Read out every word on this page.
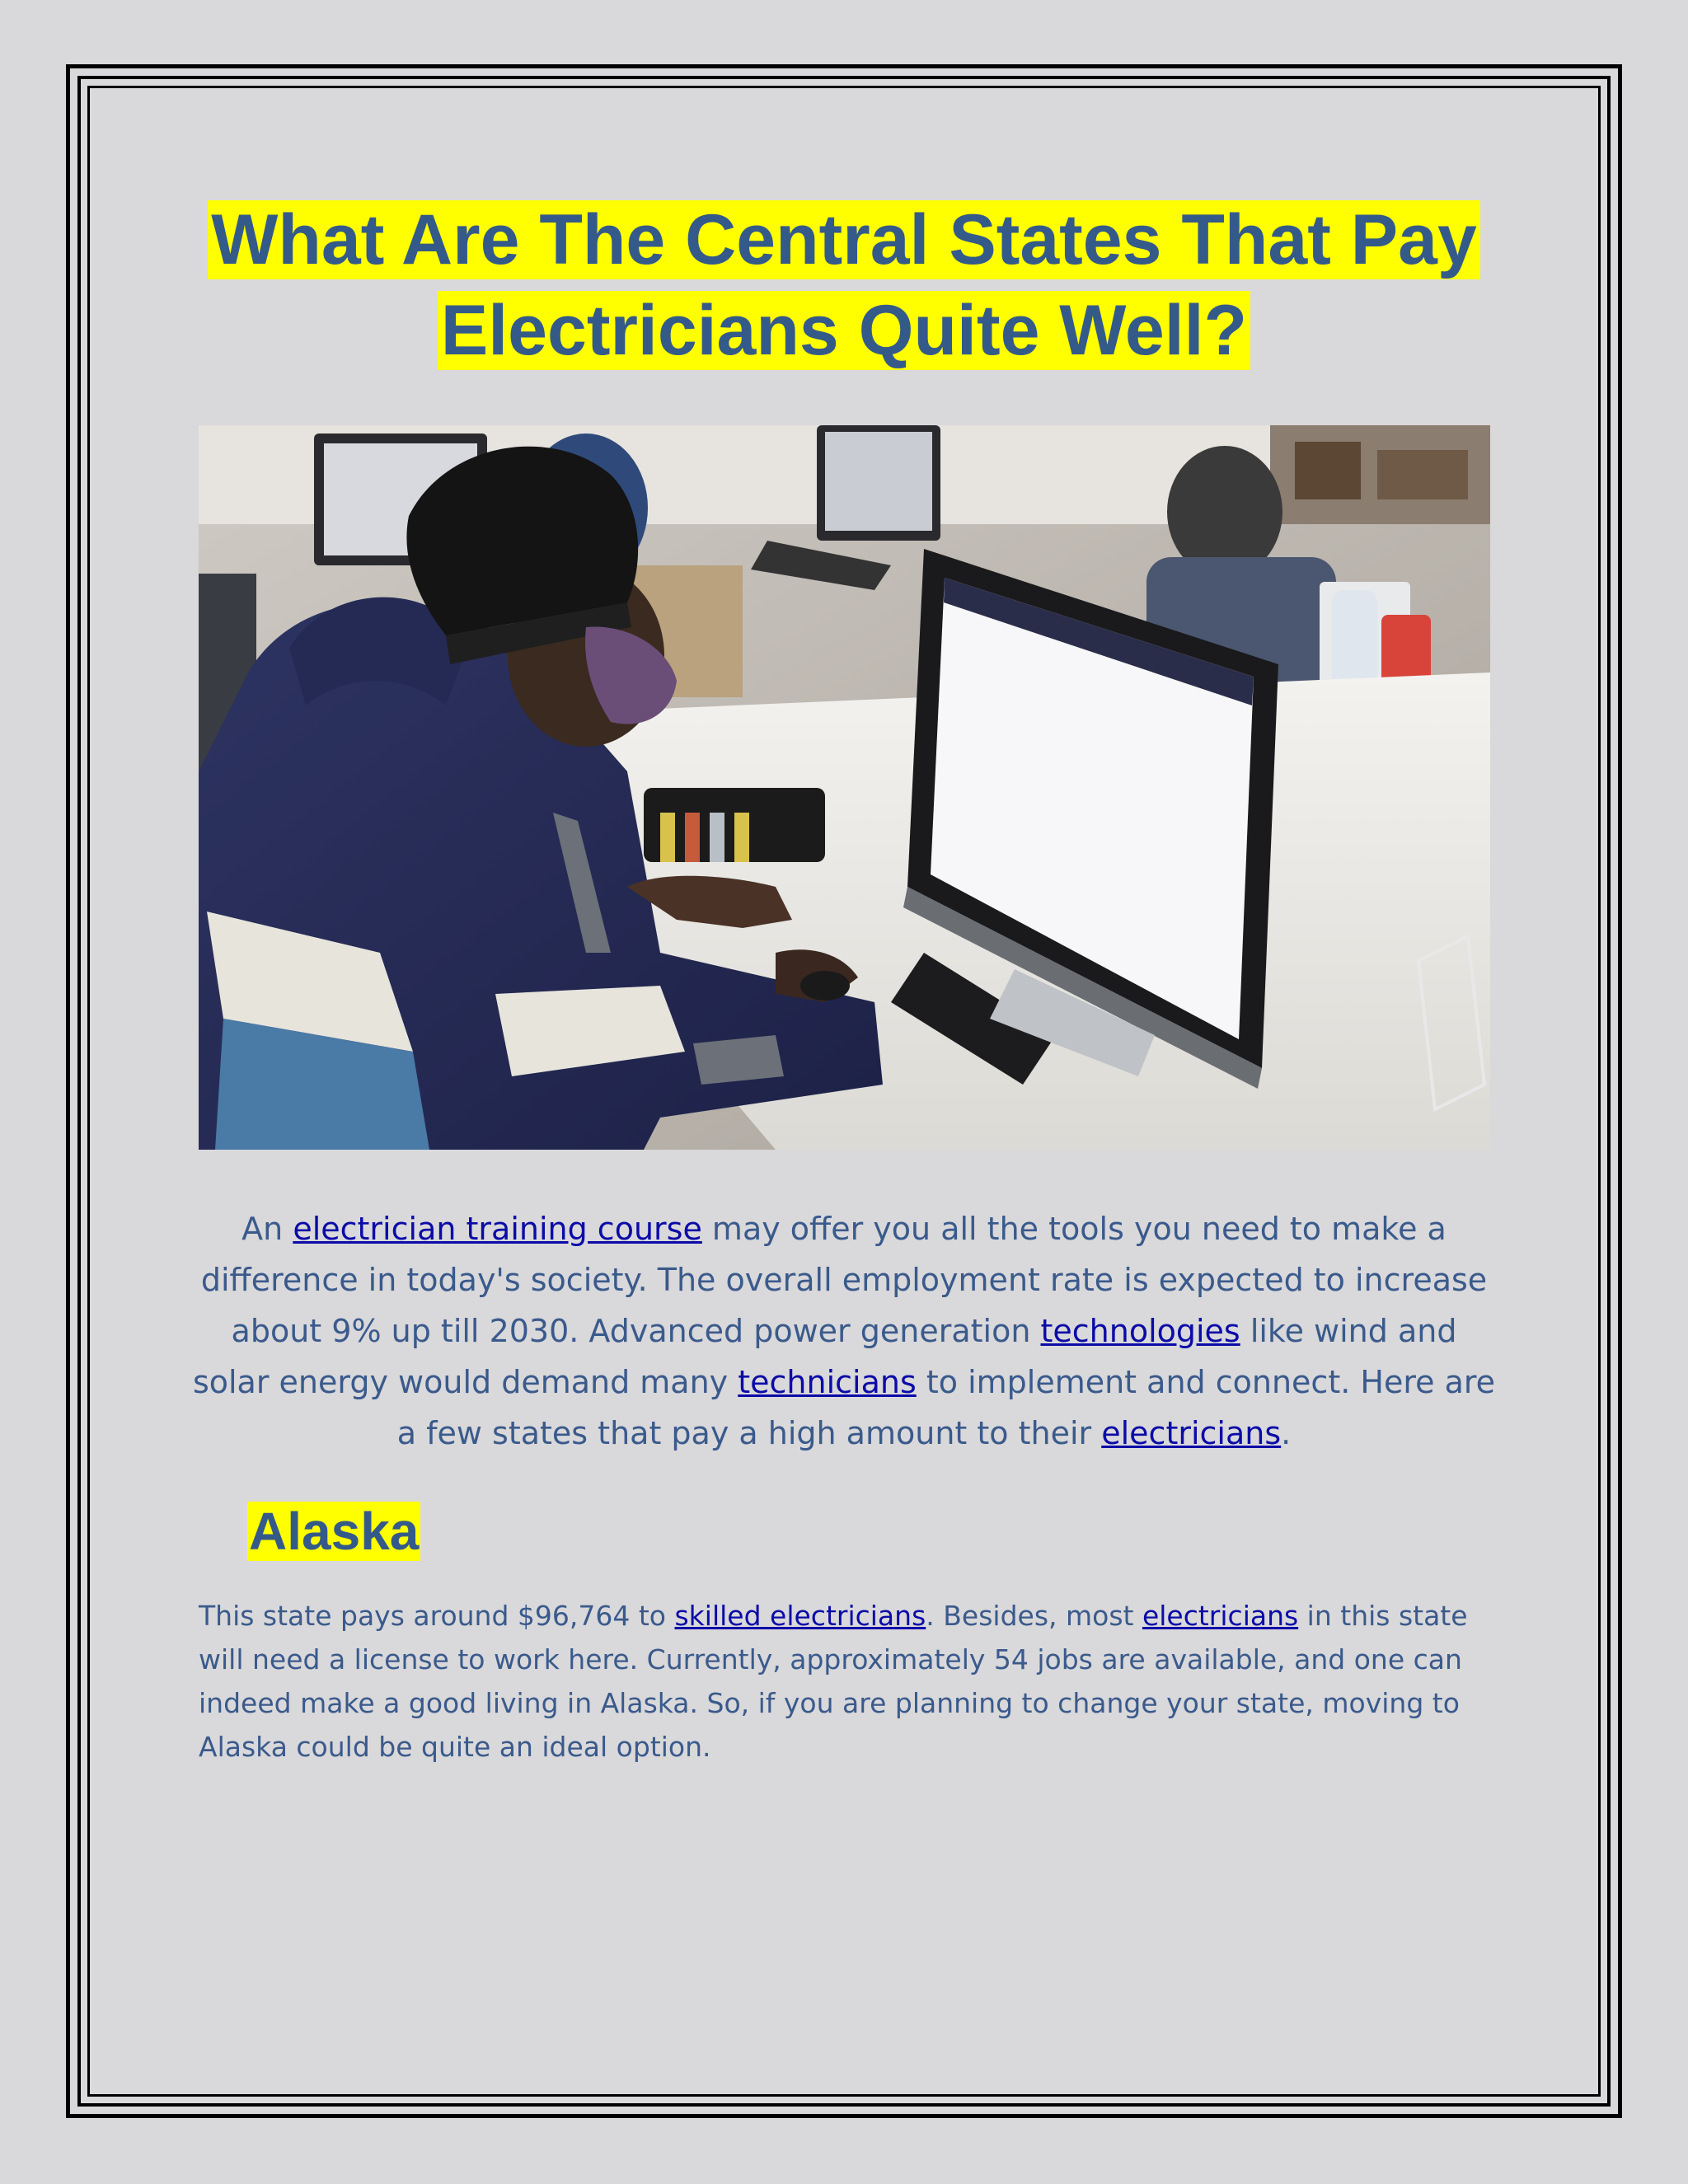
What Are The Central States That Pay
Electricians Quite Well?

An electrician training course may offer you all the tools you need to make a difference in today's society. The overall employment rate is expected to increase about 9% up till 2030. Advanced power generation technologies like wind and solar energy would demand many technicians to implement and connect. Here are a few states that pay a high amount to their electricians.

Alaska

This state pays around $96,764 to skilled electricians. Besides, most electricians in this state will need a license to work here. Currently, approximately 54 jobs are available, and one can indeed make a good living in Alaska. So, if you are planning to change your state, moving to Alaska could be quite an ideal option.
